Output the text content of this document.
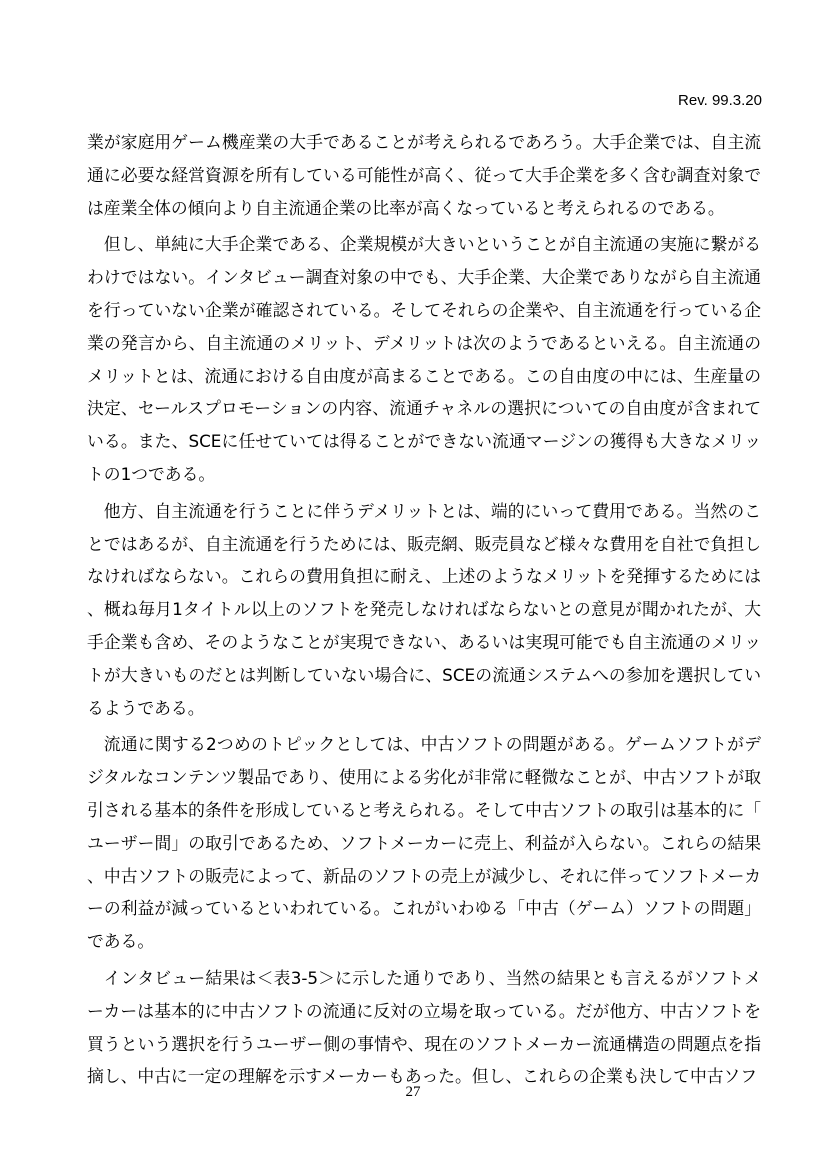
Rev. 99.3.20

業が家庭用ゲーム機産業の大手であることが考えられるであろう。大手企業では、自主流通に必要な経営資源を所有している可能性が高く、従って大手企業を多く含む調査対象では産業全体の傾向より自主流通企業の比率が高くなっていると考えられるのである。

但し、単純に大手企業である、企業規模が大きいということが自主流通の実施に繋がるわけではない。インタビュー調査対象の中でも、大手企業、大企業でありながら自主流通を行っていない企業が確認されている。そしてそれらの企業や、自主流通を行っている企業の発言から、自主流通のメリット、デメリットは次のようであるといえる。自主流通のメリットとは、流通における自由度が高まることである。この自由度の中には、生産量の決定、セールスプロモーションの内容、流通チャネルの選択についての自由度が含まれている。また、SCEに任せていては得ることができない流通マージンの獲得も大きなメリットの1つである。

他方、自主流通を行うことに伴うデメリットとは、端的にいって費用である。当然のことではあるが、自主流通を行うためには、販売網、販売員など様々な費用を自社で負担しなければならない。これらの費用負担に耐え、上述のようなメリットを発揮するためには、概ね毎月1タイトル以上のソフトを発売しなければならないとの意見が聞かれたが、大手企業も含め、そのようなことが実現できない、あるいは実現可能でも自主流通のメリットが大きいものだとは判断していない場合に、SCEの流通システムへの参加を選択しているようである。

流通に関する2つめのトピックとしては、中古ソフトの問題がある。ゲームソフトがデジタルなコンテンツ製品であり、使用による劣化が非常に軽微なことが、中古ソフトが取引される基本的条件を形成していると考えられる。そして中古ソフトの取引は基本的に「ユーザー間」の取引であるため、ソフトメーカーに売上、利益が入らない。これらの結果、中古ソフトの販売によって、新品のソフトの売上が減少し、それに伴ってソフトメーカーの利益が減っているといわれている。これがいわゆる「中古（ゲーム）ソフトの問題」である。

インタビュー結果は＜表3-5＞に示した通りであり、当然の結果とも言えるがソフトメーカーは基本的に中古ソフトの流通に反対の立場を取っている。だが他方、中古ソフトを買うという選択を行うユーザー側の事情や、現在のソフトメーカー流通構造の問題点を指摘し、中古に一定の理解を示すメーカーもあった。但し、これらの企業も決して中古ソフ

27
